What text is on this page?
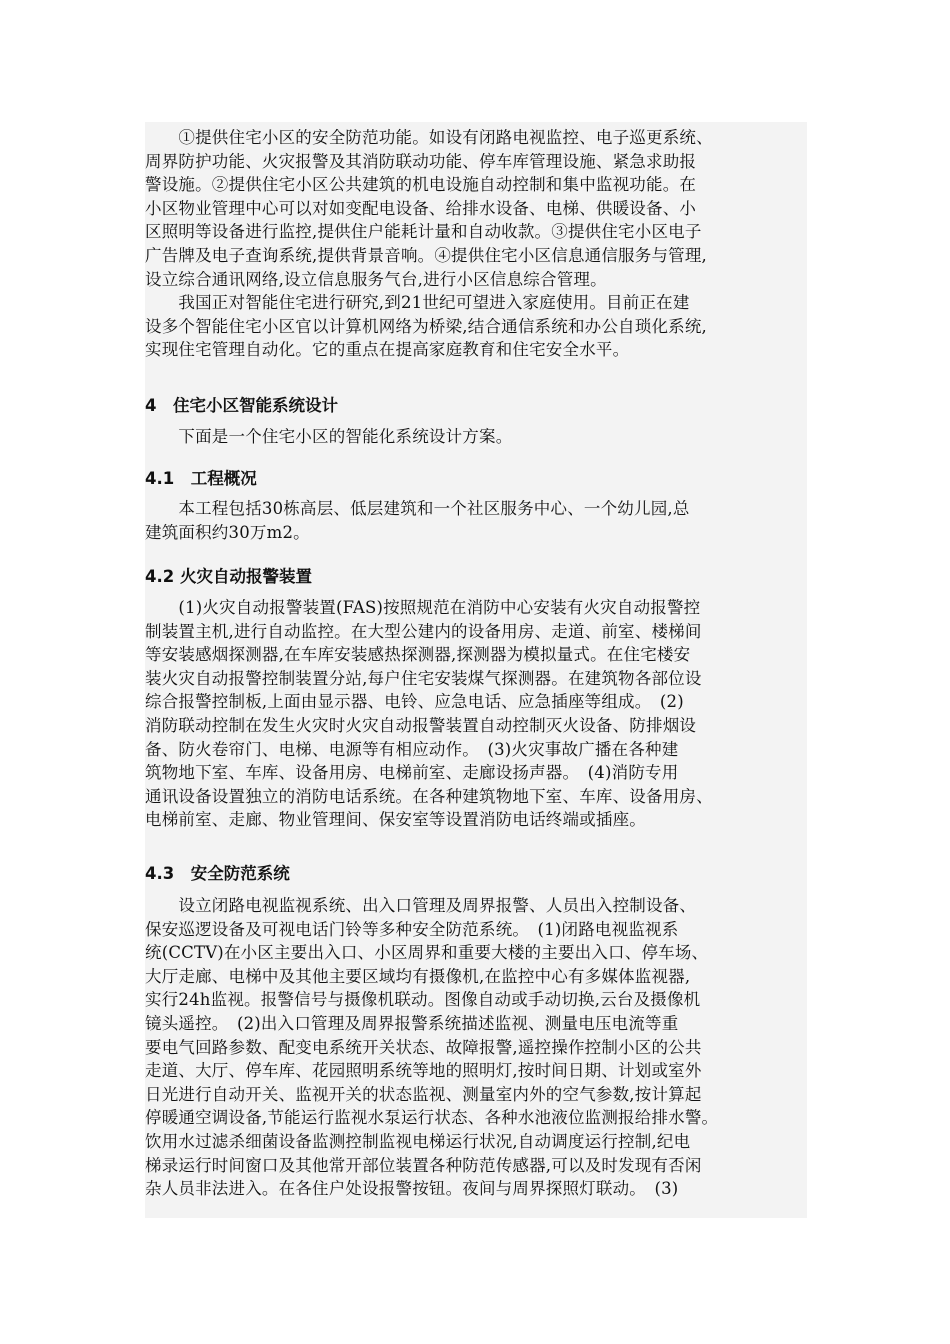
　　①提供住宅小区的安全防范功能。如设有闭路电视监控、电子巡更系统、
周界防护功能、火灾报警及其消防联动功能、停车库管理设施、紧急求助报
警设施。②提供住宅小区公共建筑的机电设施自动控制和集中监视功能。在
小区物业管理中心可以对如变配电设备、给排水设备、电梯、供暖设备、小
区照明等设备进行监控,提供住户能耗计量和自动收款。③提供住宅小区电子
广告牌及电子查询系统,提供背景音响。④提供住宅小区信息通信服务与管理,
设立综合通讯网络,设立信息服务气台,进行小区信息综合管理。
　　我国正对智能住宅进行研究,到21世纪可望进入家庭使用。目前正在建
设多个智能住宅小区官以计算机网络为桥梁,结合通信系统和办公自琐化系统,
实现住宅管理自动化。它的重点在提高家庭教育和住宅安全水平。
4　住宅小区智能系统设计
　　下面是一个住宅小区的智能化系统设计方案。
4.1　工程概况
　　本工程包括30栋高层、低层建筑和一个社区服务中心、一个幼儿园,总
建筑面积约30万m2。
4.2 火灾自动报警装置
　　(1)火灾自动报警装置(FAS)按照规范在消防中心安装有火灾自动报警控
制装置主机,进行自动监控。在大型公建内的设备用房、走道、前室、楼梯间
等安装感烟探测器,在车库安装感热探测器,探测器为模拟量式。在住宅楼安
装火灾自动报警控制装置分站,每户住宅安装煤气探测器。在建筑物各部位设
综合报警控制板,上面由显示器、电铃、应急电话、应急插座等组成。　(2)
消防联动控制在发生火灾时火灾自动报警装置自动控制灭火设备、防排烟设
备、防火卷帘门、电梯、电源等有相应动作。　(3)火灾事故广播在各种建
筑物地下室、车库、设备用房、电梯前室、走廊设扬声器。　(4)消防专用
通讯设备设置独立的消防电话系统。在各种建筑物地下室、车库、设备用房、
电梯前室、走廊、物业管理间、保安室等设置消防电话终端或插座。
4.3　安全防范系统
　　设立闭路电视监视系统、出入口管理及周界报警、人员出入控制设备、
保安巡逻设备及可视电话门铃等多种安全防范系统。　(1)闭路电视监视系
统(CCTV)在小区主要出入口、小区周界和重要大楼的主要出入口、停车场、
大厅走廊、电梯中及其他主要区域均有摄像机,在监控中心有多媒体监视器,
实行24h监视。报警信号与摄像机联动。图像自动或手动切换,云台及摄像机
镜头遥控。　(2)出入口管理及周界报警系统描述监视、测量电压电流等重
要电气回路参数、配变电系统开关状态、故障报警,遥控操作控制小区的公共
走道、大厅、停车库、花园照明系统等地的照明灯,按时间日期、计划或室外
日光进行自动开关、监视开关的状态监视、测量室内外的空气参数,按计算起
停暖通空调设备,节能运行监视水泵运行状态、各种水池液位监测报给排水警。
饮用水过滤杀细菌设备监测控制监视电梯运行状况,自动调度运行控制,纪电
梯录运行时间窗口及其他常开部位装置各种防范传感器,可以及时发现有否闲
杂人员非法进入。在各住户处设报警按钮。夜间与周界探照灯联动。　(3)
